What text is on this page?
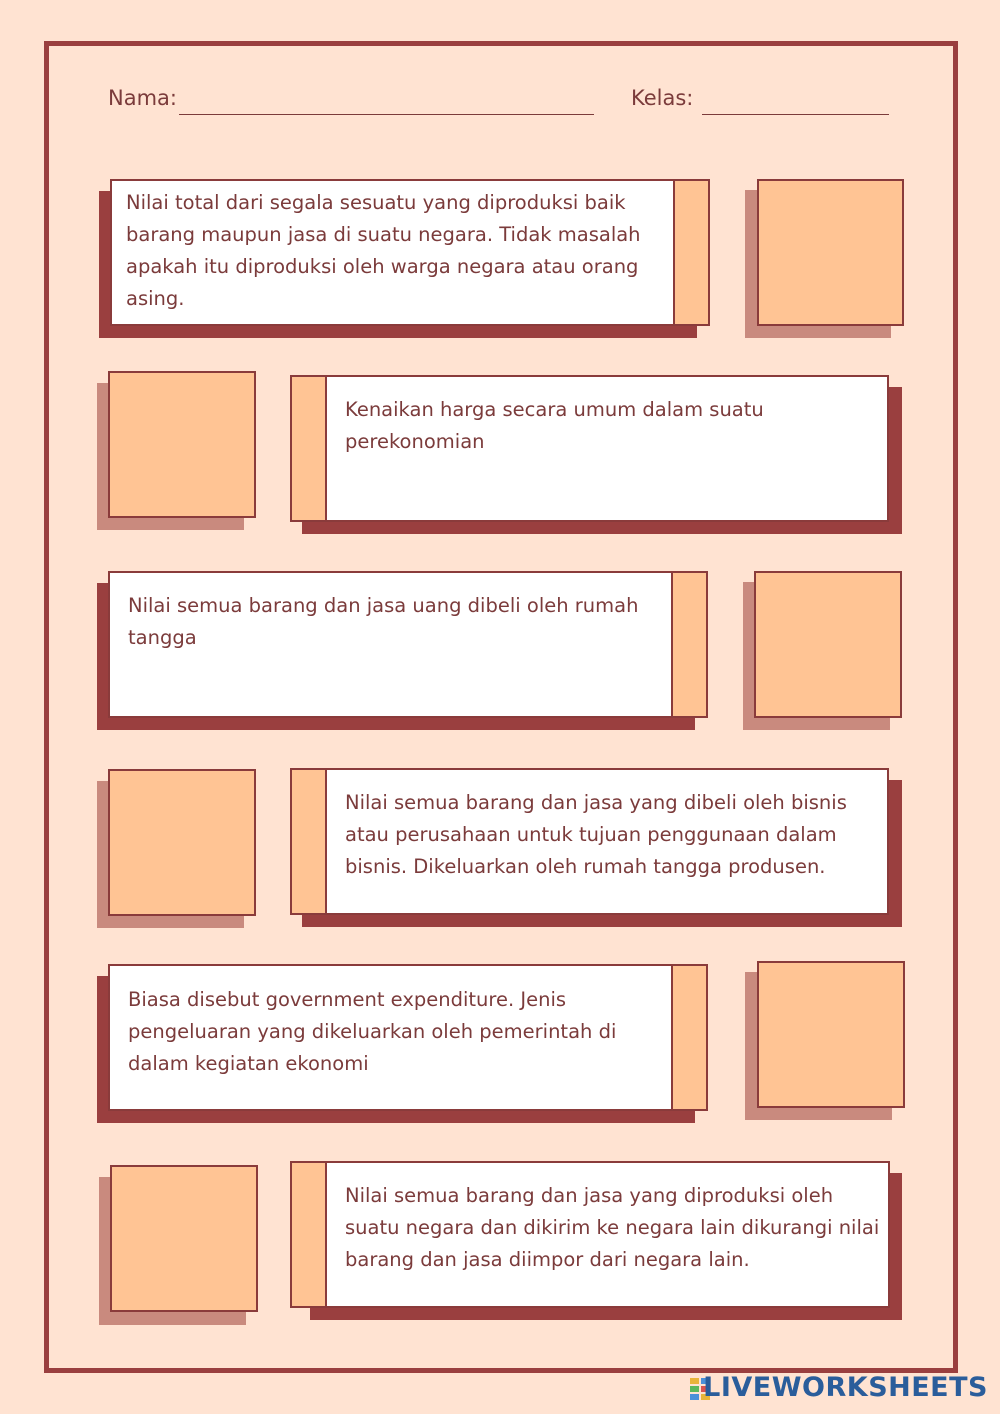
Nama:	Kelas:
Nilai total dari segala sesuatu yang diproduksi baik barang maupun jasa di suatu negara. Tidak masalah apakah itu diproduksi oleh warga negara atau orang asing.
Kenaikan harga secara umum dalam suatu perekonomian
Nilai semua barang dan jasa uang dibeli oleh rumah tangga
Nilai semua barang dan jasa yang dibeli oleh bisnis atau perusahaan untuk tujuan penggunaan dalam bisnis. Dikeluarkan oleh rumah tangga produsen.
Biasa disebut government expenditure. Jenis pengeluaran yang dikeluarkan oleh pemerintah di dalam kegiatan ekonomi
Nilai semua barang dan jasa yang diproduksi oleh suatu negara dan dikirim ke negara lain dikurangi nilai barang dan jasa diimpor dari negara lain.
LIVEWORKSHEETS
